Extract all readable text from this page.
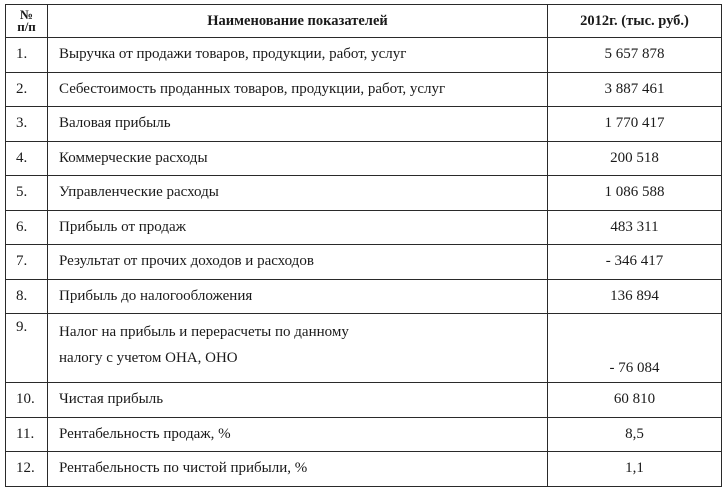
№
п/п	Наименование показателей	2012г. (тыс. руб.)
1.	Выручка от продажи товаров, продукции, работ, услуг	5 657 878
2.	Себестоимость проданных товаров, продукции, работ, услуг	3 887 461
3.	Валовая прибыль	1 770 417
4.	Коммерческие расходы	200 518
5.	Управленческие расходы	1 086 588
6.	Прибыль от продаж	483 311
7.	Результат от прочих доходов и расходов	- 346 417
8.	Прибыль до налогообложения	136 894
9.	Налог на прибыль и перерасчеты по данному
налогу с учетом ОНА, ОНО	- 76 084
10.	Чистая прибыль	60 810
11.	Рентабельность продаж, %	8,5
12.	Рентабельность по чистой прибыли, %	1,1
